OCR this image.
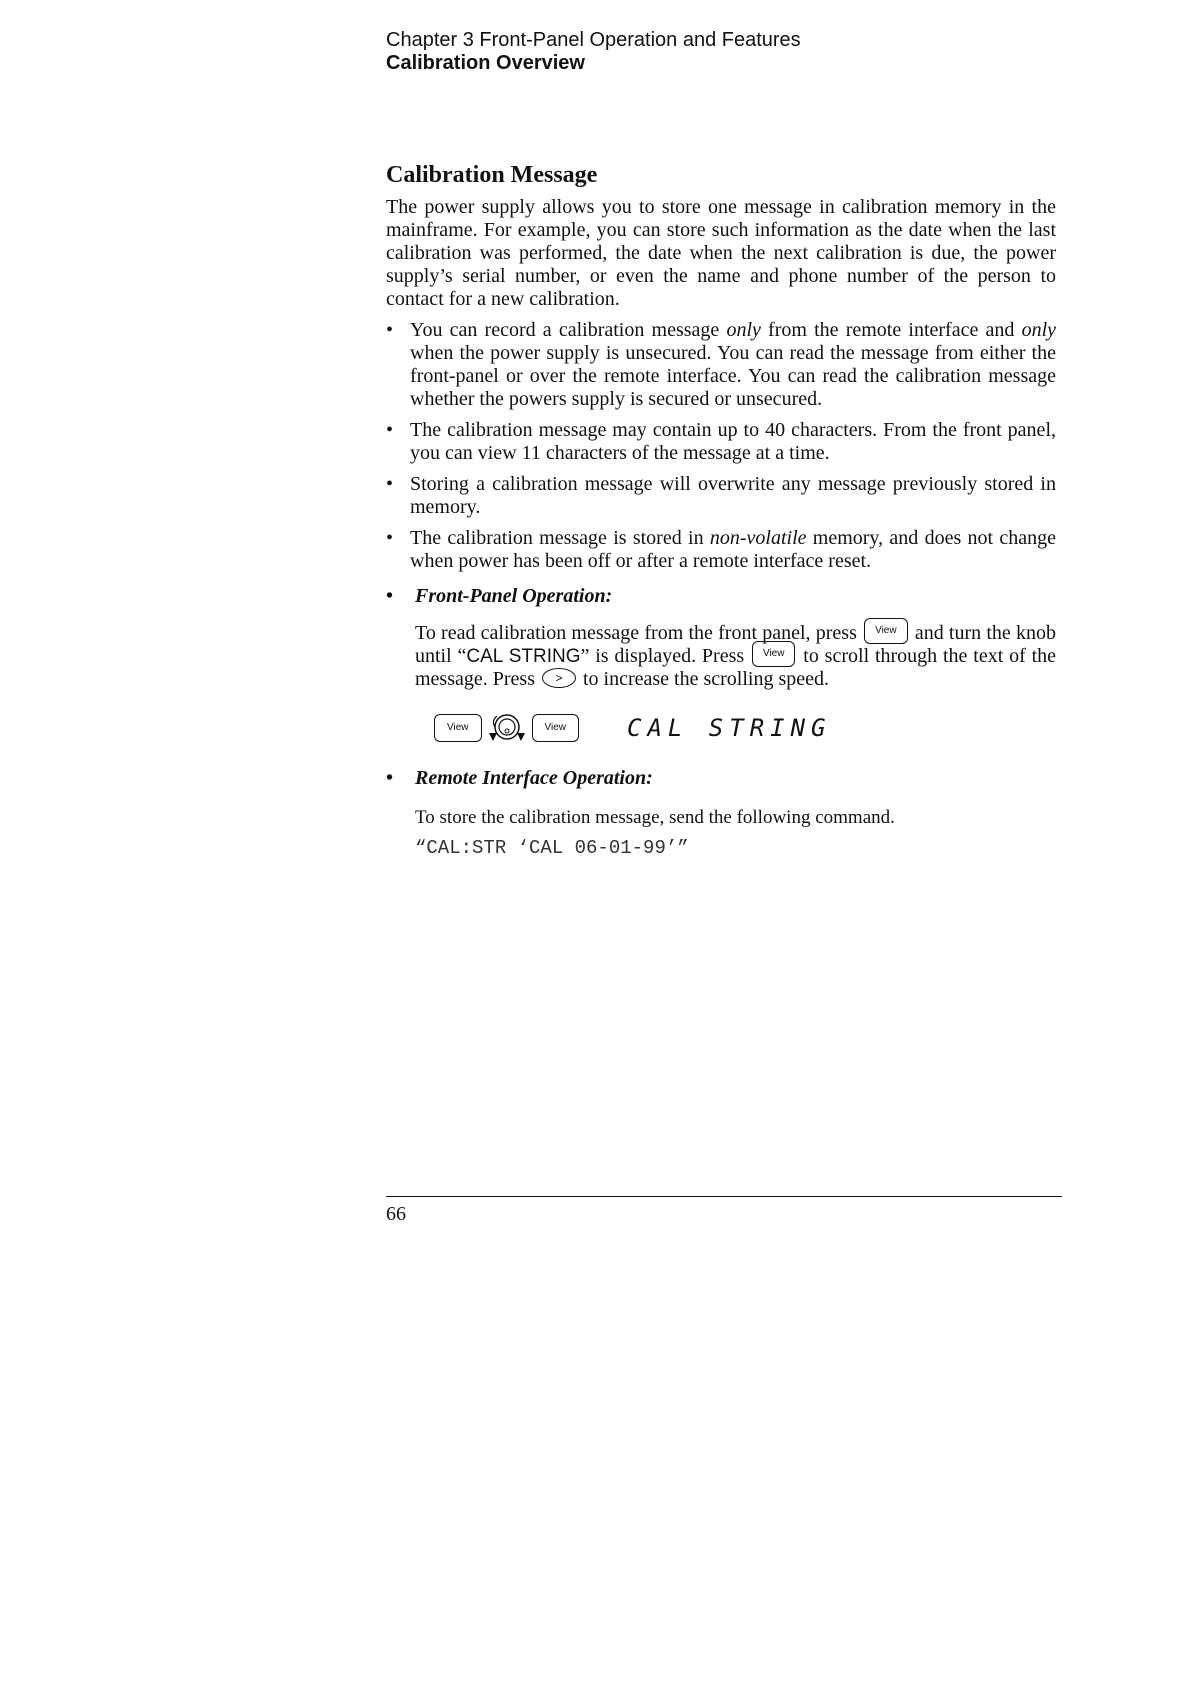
Chapter 3 Front-Panel Operation and Features
Calibration Overview
Calibration Message

The power supply allows you to store one message in calibration memory in the mainframe. For example, you can store such information as the date when the last calibration was performed, the date when the next calibration is due, the power supply’s serial number, or even the name and phone number of the person to contact for a new calibration.

• You can record a calibration message only from the remote interface and only when the power supply is unsecured. You can read the message from either the front-panel or over the remote interface. You can read the calibration message whether the powers supply is secured or unsecured.
• The calibration message may contain up to 40 characters. From the front panel, you can view 11 characters of the message at a time.
• Storing a calibration message will overwrite any message previously stored in memory.
• The calibration message is stored in non-volatile memory, and does not change when power has been off or after a remote interface reset.
• Front-Panel Operation:
To read calibration message from the front panel, press View and turn the knob until “CAL STRING” is displayed. Press View to scroll through the text of the message. Press > to increase the scrolling speed.
View	View	CAL STRING
• Remote Interface Operation:
To store the calibration message, send the following command.
“CAL:STR ‘CAL 06-01-99’”
66
